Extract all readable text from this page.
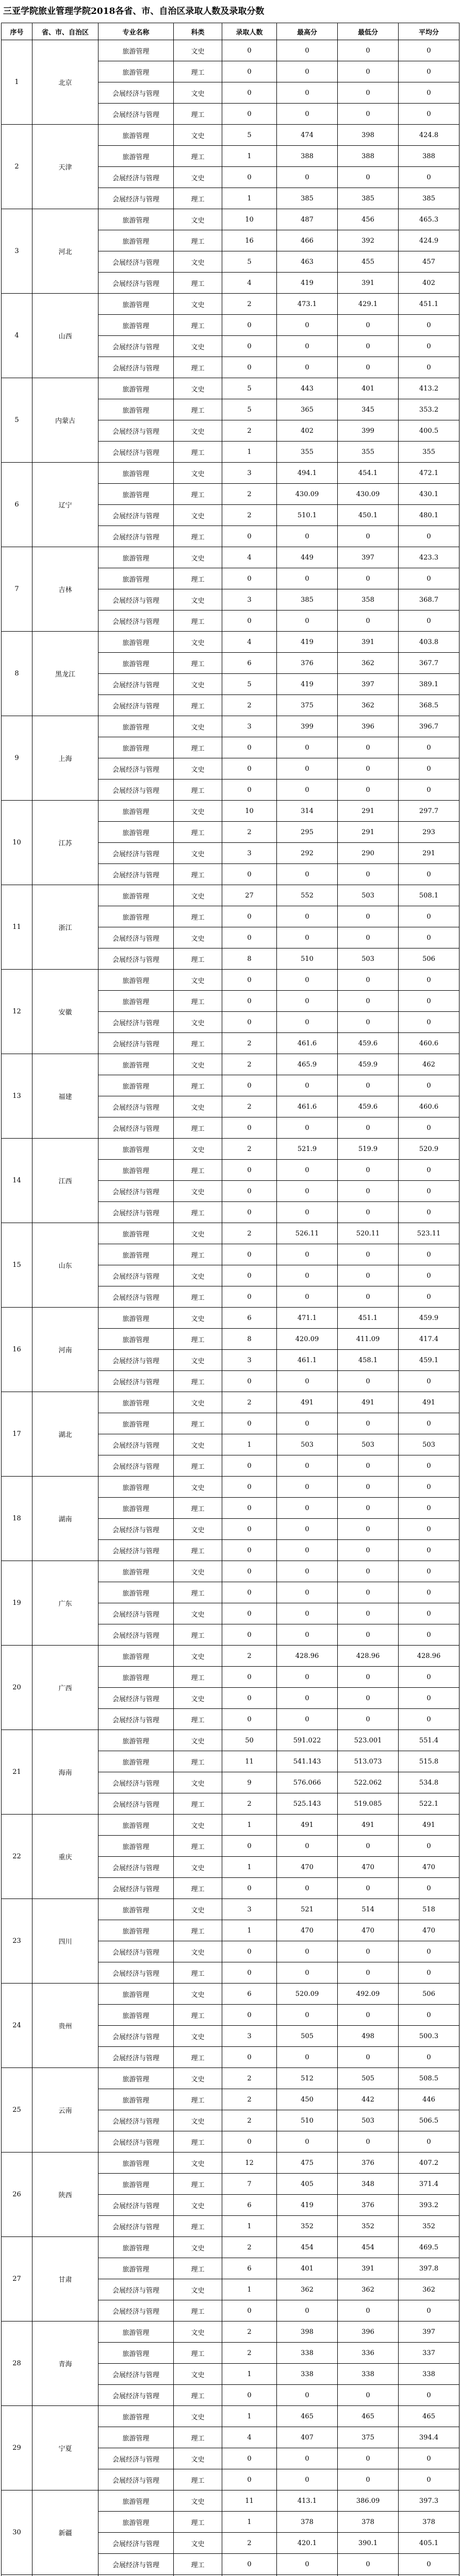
三亚学院旅业管理学院2018各省、市、自治区录取人数及录取分数
序号	省、市、自治区	专业名称	科类	录取人数	最高分	最低分	平均分
1	北京	旅游管理	文史	0	0	0	0
		旅游管理	理工	0	0	0	0
		会展经济与管理	文史	0	0	0	0
		会展经济与管理	理工	0	0	0	0
2	天津	旅游管理	文史	5	474	398	424.8
		旅游管理	理工	1	388	388	388
		会展经济与管理	文史	0	0	0	0
		会展经济与管理	理工	1	385	385	385
3	河北	旅游管理	文史	10	487	456	465.3
		旅游管理	理工	16	466	392	424.9
		会展经济与管理	文史	5	463	455	457
		会展经济与管理	理工	4	419	391	402
4	山西	旅游管理	文史	2	473.1	429.1	451.1
		旅游管理	理工	0	0	0	0
		会展经济与管理	文史	0	0	0	0
		会展经济与管理	理工	0	0	0	0
5	内蒙古	旅游管理	文史	5	443	401	413.2
		旅游管理	理工	5	365	345	353.2
		会展经济与管理	文史	2	402	399	400.5
		会展经济与管理	理工	1	355	355	355
6	辽宁	旅游管理	文史	3	494.1	454.1	472.1
		旅游管理	理工	2	430.09	430.09	430.1
		会展经济与管理	文史	2	510.1	450.1	480.1
		会展经济与管理	理工	0	0	0	0
7	吉林	旅游管理	文史	4	449	397	423.3
		旅游管理	理工	0	0	0	0
		会展经济与管理	文史	3	385	358	368.7
		会展经济与管理	理工	0	0	0	0
8	黑龙江	旅游管理	文史	4	419	391	403.8
		旅游管理	理工	6	376	362	367.7
		会展经济与管理	文史	5	419	397	389.1
		会展经济与管理	理工	2	375	362	368.5
9	上海	旅游管理	文史	3	399	396	396.7
		旅游管理	理工	0	0	0	0
		会展经济与管理	文史	0	0	0	0
		会展经济与管理	理工	0	0	0	0
10	江苏	旅游管理	文史	10	314	291	297.7
		旅游管理	理工	2	295	291	293
		会展经济与管理	文史	3	292	290	291
		会展经济与管理	理工	0	0	0	0
11	浙江	旅游管理	文史	27	552	503	508.1
		旅游管理	理工	0	0	0	0
		会展经济与管理	文史	0	0	0	0
		会展经济与管理	理工	8	510	503	506
12	安徽	旅游管理	文史	0	0	0	0
		旅游管理	理工	0	0	0	0
		会展经济与管理	文史	0	0	0	0
		会展经济与管理	理工	2	461.6	459.6	460.6
13	福建	旅游管理	文史	2	465.9	459.9	462
		旅游管理	理工	0	0	0	0
		会展经济与管理	文史	2	461.6	459.6	460.6
		会展经济与管理	理工	0	0	0	0
14	江西	旅游管理	文史	2	521.9	519.9	520.9
		旅游管理	理工	0	0	0	0
		会展经济与管理	文史	0	0	0	0
		会展经济与管理	理工	0	0	0	0
15	山东	旅游管理	文史	2	526.11	520.11	523.11
		旅游管理	理工	0	0	0	0
		会展经济与管理	文史	0	0	0	0
		会展经济与管理	理工	0	0	0	0
16	河南	旅游管理	文史	6	471.1	451.1	459.9
		旅游管理	理工	8	420.09	411.09	417.4
		会展经济与管理	文史	3	461.1	458.1	459.1
		会展经济与管理	理工	0	0	0	0
17	湖北	旅游管理	文史	2	491	491	491
		旅游管理	理工	0	0	0	0
		会展经济与管理	文史	1	503	503	503
		会展经济与管理	理工	0	0	0	0
18	湖南	旅游管理	文史	0	0	0	0
		旅游管理	理工	0	0	0	0
		会展经济与管理	文史	0	0	0	0
		会展经济与管理	理工	0	0	0	0
19	广东	旅游管理	文史	0	0	0	0
		旅游管理	理工	0	0	0	0
		会展经济与管理	文史	0	0	0	0
		会展经济与管理	理工	0	0	0	0
20	广西	旅游管理	文史	2	428.96	428.96	428.96
		旅游管理	理工	0	0	0	0
		会展经济与管理	文史	0	0	0	0
		会展经济与管理	理工	0	0	0	0
21	海南	旅游管理	文史	50	591.022	523.001	551.4
		旅游管理	理工	11	541.143	513.073	515.8
		会展经济与管理	文史	9	576.066	522.062	534.8
		会展经济与管理	理工	2	525.143	519.085	522.1
22	重庆	旅游管理	文史	1	491	491	491
		旅游管理	理工	0	0	0	0
		会展经济与管理	文史	1	470	470	470
		会展经济与管理	理工	0	0	0	0
23	四川	旅游管理	文史	3	521	514	518
		旅游管理	理工	1	470	470	470
		会展经济与管理	文史	0	0	0	0
		会展经济与管理	理工	0	0	0	0
24	贵州	旅游管理	文史	6	520.09	492.09	506
		旅游管理	理工	0	0	0	0
		会展经济与管理	文史	3	505	498	500.3
		会展经济与管理	理工	0	0	0	0
25	云南	旅游管理	文史	2	512	505	508.5
		旅游管理	理工	2	450	442	446
		会展经济与管理	文史	2	510	503	506.5
		会展经济与管理	理工	0	0	0	0
26	陕西	旅游管理	文史	12	475	376	407.2
		旅游管理	理工	7	405	348	371.4
		会展经济与管理	文史	6	419	376	393.2
		会展经济与管理	理工	1	352	352	352
27	甘肃	旅游管理	文史	2	454	454	469.5
		旅游管理	理工	6	401	391	397.8
		会展经济与管理	文史	1	362	362	362
		会展经济与管理	理工	0	0	0	0
28	青海	旅游管理	文史	2	398	396	397
		旅游管理	理工	2	338	336	337
		会展经济与管理	文史	1	338	338	338
		会展经济与管理	理工	0	0	0	0
29	宁夏	旅游管理	文史	1	465	465	465
		旅游管理	理工	4	407	375	394.4
		会展经济与管理	文史	0	0	0	0
		会展经济与管理	理工	0	0	0	0
30	新疆	旅游管理	文史	11	413.1	386.09	397.3
		旅游管理	理工	1	378	378	378
		会展经济与管理	文史	2	420.1	390.1	405.1
		会展经济与管理	理工	0	0	0	0
